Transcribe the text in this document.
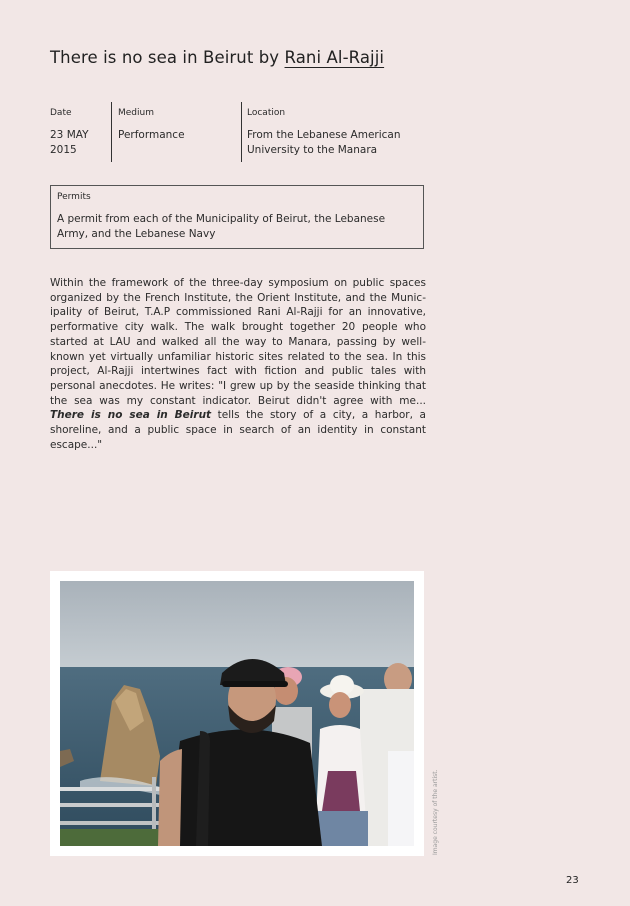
There is no sea in Beirut by Rani Al-Rajji
Date
23 MAY
2015
Medium
Performance
Location
From the Lebanese American
University to the Manara
Permits
A permit from each of the Municipality of Beirut, the Lebanese Army, and the Lebanese Navy
Within the framework of the three-day symposium on public spaces organized by the French Institute, the Orient Institute, and the Munic-ipality of Beirut, T.A.P commissioned Rani Al-Rajji for an innovative, performative city walk. The walk brought together 20 people who started at LAU and walked all the way to Manara, passing by well-known yet virtually unfamiliar historic sites related to the sea. In this project, Al-Rajji intertwines fact with fiction and public tales with personal anecdotes. He writes: "I grew up by the seaside thinking that the sea was my constant indicator. Beirut didn't agree with me... There is no sea in Beirut tells the story of a city, a harbor, a shoreline, and a public space in search of an identity in constant escape..."
Image courtesy of the artist.
23
